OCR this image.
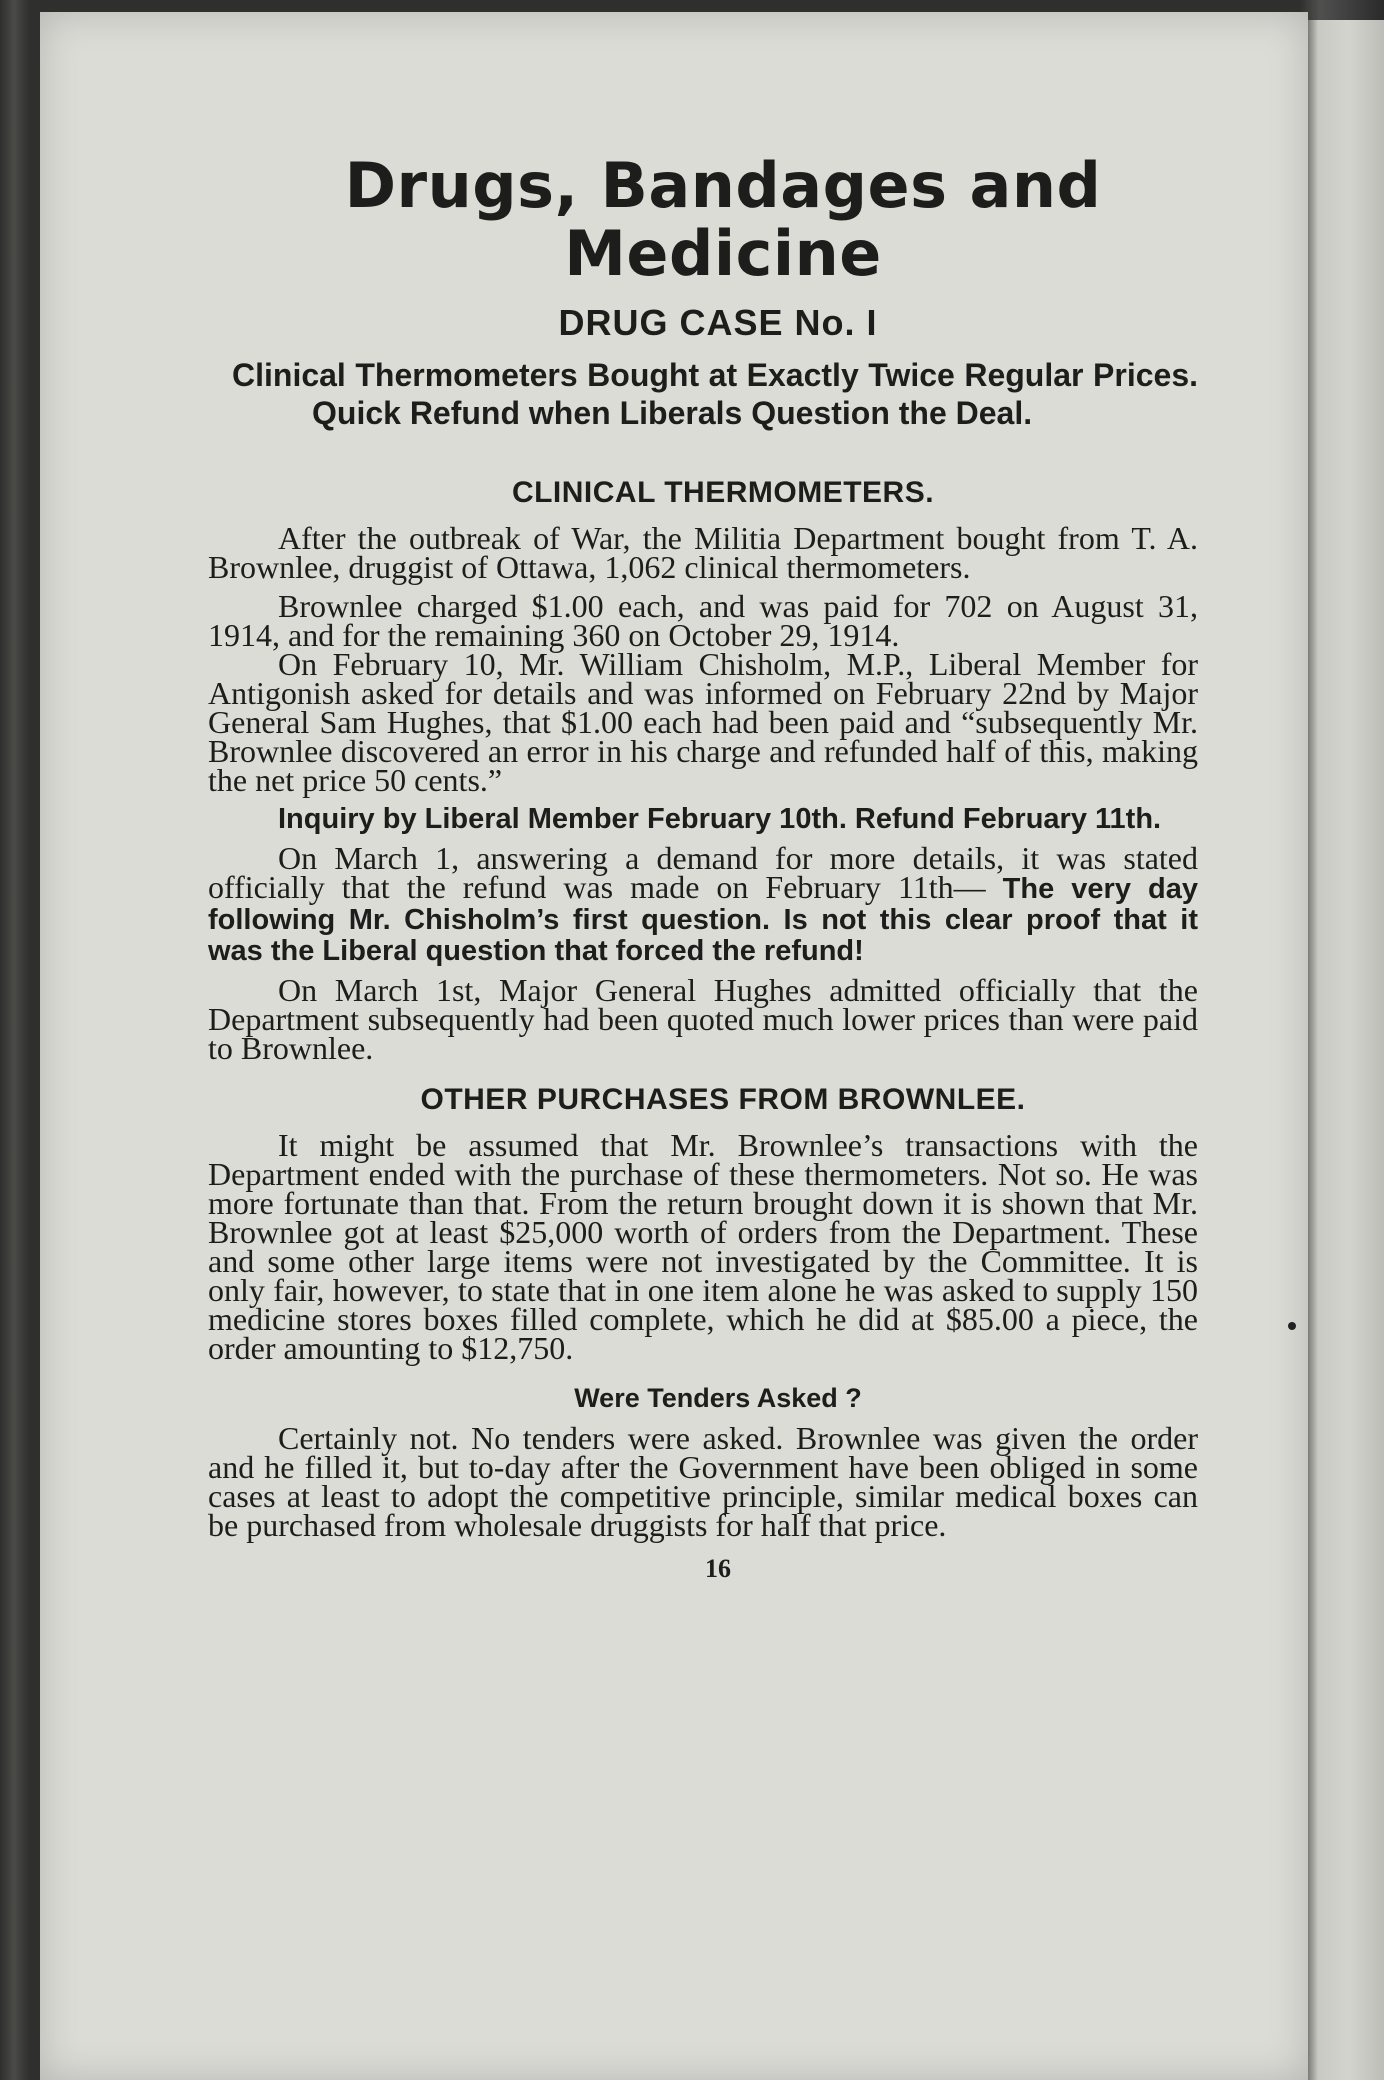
Drugs, Bandages and Medicine
DRUG CASE No. I
Clinical Thermometers Bought at Exactly Twice Regular Prices. Quick Refund when Liberals Question the Deal.
CLINICAL THERMOMETERS.

After the outbreak of War, the Militia Department bought from T. A. Brownlee, druggist of Ottawa, 1,062 clinical thermometers.

Brownlee charged $1.00 each, and was paid for 702 on August 31, 1914, and for the remaining 360 on October 29, 1914.

On February 10, Mr. William Chisholm, M.P., Liberal Member for Antigonish asked for details and was informed on February 22nd by Major General Sam Hughes, that $1.00 each had been paid and “subsequently Mr. Brownlee discovered an error in his charge and refunded half of this, making the net price 50 cents.”

Inquiry by Liberal Member February 10th. Refund February 11th.

On March 1, answering a demand for more details, it was stated officially that the refund was made on February 11th— The very day following Mr. Chisholm’s first question. Is not this clear proof that it was the Liberal question that forced the refund!

On March 1st, Major General Hughes admitted officially that the Department subsequently had been quoted much lower prices than were paid to Brownlee.

OTHER PURCHASES FROM BROWNLEE.

It might be assumed that Mr. Brownlee’s transactions with the Department ended with the purchase of these thermometers. Not so. He was more fortunate than that. From the return brought down it is shown that Mr. Brownlee got at least $25,000 worth of orders from the Department. These and some other large items were not investigated by the Committee. It is only fair, however, to state that in one item alone he was asked to supply 150 medicine stores boxes filled complete, which he did at $85.00 a piece, the order amounting to $12,750.

Were Tenders Asked ?

Certainly not. No tenders were asked. Brownlee was given the order and he filled it, but to-day after the Government have been obliged in some cases at least to adopt the competitive principle, similar medical boxes can be purchased from wholesale druggists for half that price.

16
